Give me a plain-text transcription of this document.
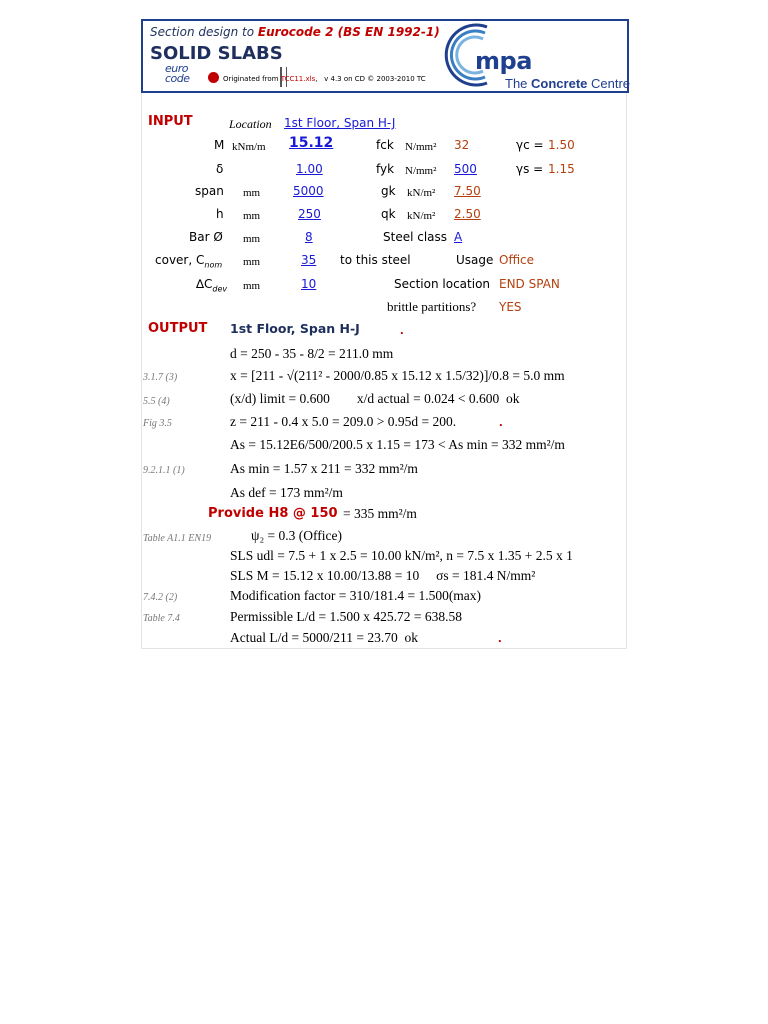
Section design to Eurocode 2 (BS EN 1992-1)
SOLID SLABS
euro
code	Originated from TCC11.xls,   v 4.3 on CD © 2003-2010 TC
mpa
The Concrete Centre
INPUT	Location 1st Floor, Span H-J
M kNm/m 15.12	fck N/mm² 32	γc = 1.50
δ	1.00	fyk N/mm² 500	γs = 1.15
span mm	5000	gk kN/m² 7.50
h mm	250	qk kN/m² 2.50
Bar Ø mm	8	Steel class A
cover, $C_{nom}$ mm	35 to this steel	Usage Office
$\Delta C_{dev}$ mm	10	Section location END SPAN
brittle partitions? YES
OUTPUT 1st Floor, Span H-J	.
d = 250 - 35 - 8/2 = 211.0 mm
3.1.7 (3)	x = [211 - √(211² - 2000/0.85 x 15.12 x 1.5/32)]/0.8 = 5.0 mm
5.5 (4)	(x/d) limit = 0.600        x/d actual = 0.024 < 0.600  ok
Fig 3.5	z = 211 - 0.4 x 5.0 = 209.0 > 0.95d = 200.	.
As = 15.12E6/500/200.5 x 1.15 = 173 < As min = 332 mm²/m
9.2.1.1 (1)	As min = 1.57 x 211 = 332 mm²/m
As def = 173 mm²/m
Provide H8 @ 150 = 335 mm²/m
Table A1.1 EN19	ψ₂ = 0.3 (Office)
SLS udl = 7.5 + 1 x 2.5 = 10.00 kN/m², n = 7.5 x 1.35 + 2.5 x 1
SLS M = 15.12 x 10.00/13.88 = 10     σs = 181.4 N/mm²
7.4.2 (2)	Modification factor = 310/181.4 = 1.500(max)
Table 7.4	Permissible L/d = 1.500 x 425.72 = 638.58
Actual L/d = 5000/211 = 23.70  ok	.
